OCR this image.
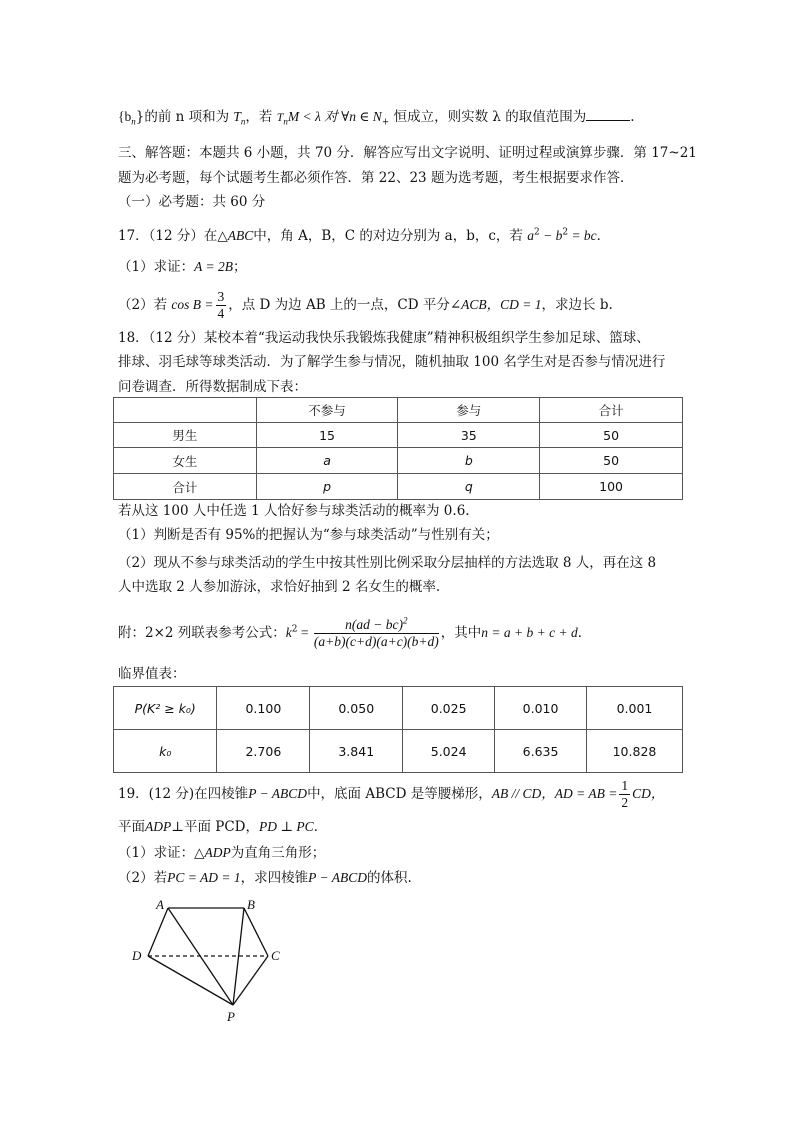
$\{b_n\}$的前 n 项和为 $T_n$，若 $T_nM < \lambda$ 对 ∀n ∈ $N_+$ 恒成立，则实数 λ 的取值范围为	.
三、解答题：本题共 6 小题，共 70 分．解答应写出文字说明、证明过程或演算步骤．第 17~21
题为必考题，每个试题考生都必须作答．第 22、23 题为选考题，考生根据要求作答．
（一）必考题：共 60 分
17．（12 分）在△ABC中，角 A，B，C 的对边分别为 a，b，c，若 $a^2 - b^2$ = bc．
（1）求证：A = 2B；
（2）若 $\cos B = \frac{3}{4}$ ，点 D 为边 AB 上的一点，CD 平分∠ACB，CD = 1，求边长 b.
18．（12 分）某校本着“我运动我快乐我锻炼我健康”精神积极组织学生参加足球、篮球、
排球、羽毛球等球类活动．为了解学生参与情况，随机抽取 100 名学生对是否参与情况进行
问卷调查．所得数据制成下表：
	不参与	参与	合计
男生	15	35	50
女生	a	b	50
合计	p	q	100
若从这 100 人中任选 1 人恰好参与球类活动的概率为 0.6.
（1）判断是否有 95%的把握认为“参与球类活动”与性别有关；
（2）现从不参与球类活动的学生中按其性别比例采取分层抽样的方法选取 8 人，再在这 8
人中选取 2 人参加游泳，求恰好抽到 2 名女生的概率.
附：2×2 列联表参考公式：$k^2 = \frac{n(ad - bc)^2}{(a+b)(c+d)(a+c)(b+d)}$ ，其中n = a + b + c + d．
临界值表：
P(K² ≥ k₀)	0.100	0.050	0.025	0.010	0.001
k₀	2.706	3.841	5.024	6.635	10.828
19．(12 分)在四棱锥P − ABCD中，底面 ABCD 是等腰梯形，AB // CD，AD = AB = $\frac{1}{2}$ CD，
平面ADP⊥平面 PCD，PD ⊥ PC．
（1）求证：△ADP为直角三角形；
（2）若PC = AD = 1，求四棱锥P − ABCD的体积.
A	B
C
D
P
